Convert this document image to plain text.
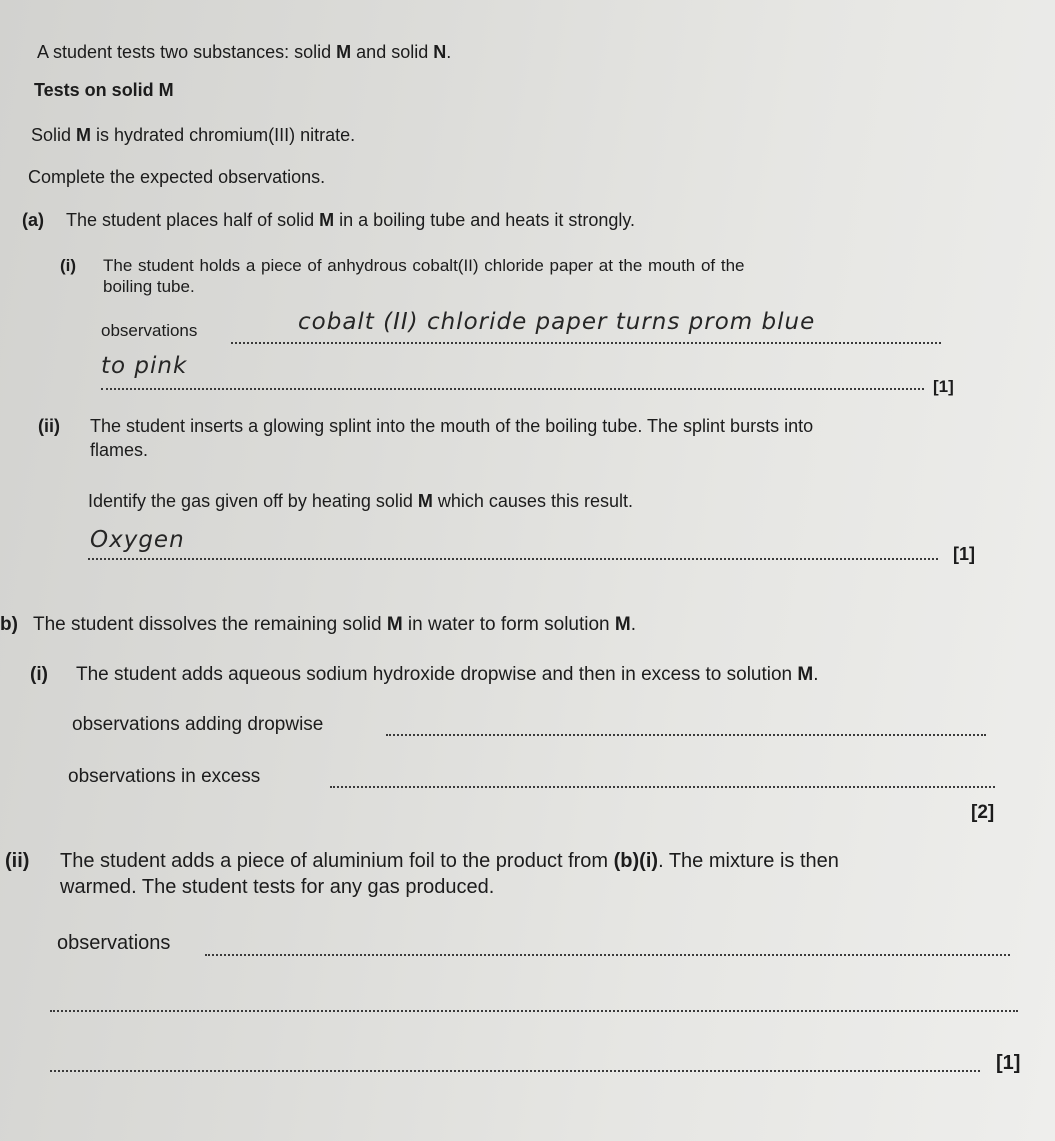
A student tests two substances: solid M and solid N.
Tests on solid M
Solid M is hydrated chromium(III) nitrate.
Complete the expected observations.
(a) The student places half of solid M in a boiling tube and heats it strongly.
(i) The student holds a piece of anhydrous cobalt(II) chloride paper at the mouth of the
boiling tube.
observations	cobalt (II) chloride paper turns prom blue
to pink
[1]
(ii) The student inserts a glowing splint into the mouth of the boiling tube. The splint bursts into
flames.
Identify the gas given off by heating solid M which causes this result.
Oxygen
[1]
b) The student dissolves the remaining solid M in water to form solution M.
(i) The student adds aqueous sodium hydroxide dropwise and then in excess to solution M.
observations adding dropwise
observations in excess
[2]
(ii) The student adds a piece of aluminium foil to the product from (b)(i). The mixture is then
warmed. The student tests for any gas produced.
observations
[1]
